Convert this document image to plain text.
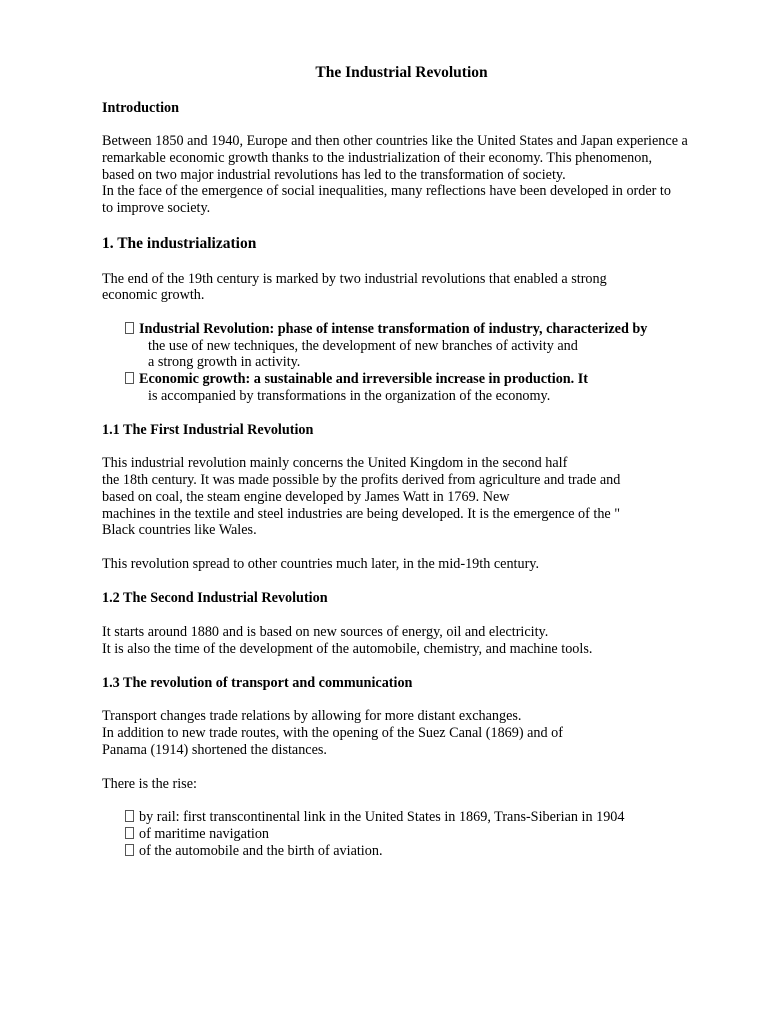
The Industrial Revolution
Introduction

Between 1850 and 1940, Europe and then other countries like the United States and Japan experience a

remarkable economic growth thanks to the industrialization of their economy. This phenomenon,

based on two major industrial revolutions has led to the transformation of society.

In the face of the emergence of social inequalities, many reflections have been developed in order to

to improve society.

1. The industrialization

The end of the 19th century is marked by two industrial revolutions that enabled a strong

economic growth.

Industrial Revolution: phase of intense transformation of industry, characterized by

the use of new techniques, the development of new branches of activity and

a strong growth in activity.

Economic growth: a sustainable and irreversible increase in production. It

is accompanied by transformations in the organization of the economy.

1.1 The First Industrial Revolution

This industrial revolution mainly concerns the United Kingdom in the second half

the 18th century. It was made possible by the profits derived from agriculture and trade and

based on coal, the steam engine developed by James Watt in 1769. New

machines in the textile and steel industries are being developed. It is the emergence of the "

Black countries like Wales.

This revolution spread to other countries much later, in the mid-19th century.

1.2 The Second Industrial Revolution

It starts around 1880 and is based on new sources of energy, oil and electricity.

It is also the time of the development of the automobile, chemistry, and machine tools.

1.3 The revolution of transport and communication

Transport changes trade relations by allowing for more distant exchanges.

In addition to new trade routes, with the opening of the Suez Canal (1869) and of

Panama (1914) shortened the distances.

There is the rise:

by rail: first transcontinental link in the United States in 1869, Trans-Siberian in 1904

of maritime navigation

of the automobile and the birth of aviation.
